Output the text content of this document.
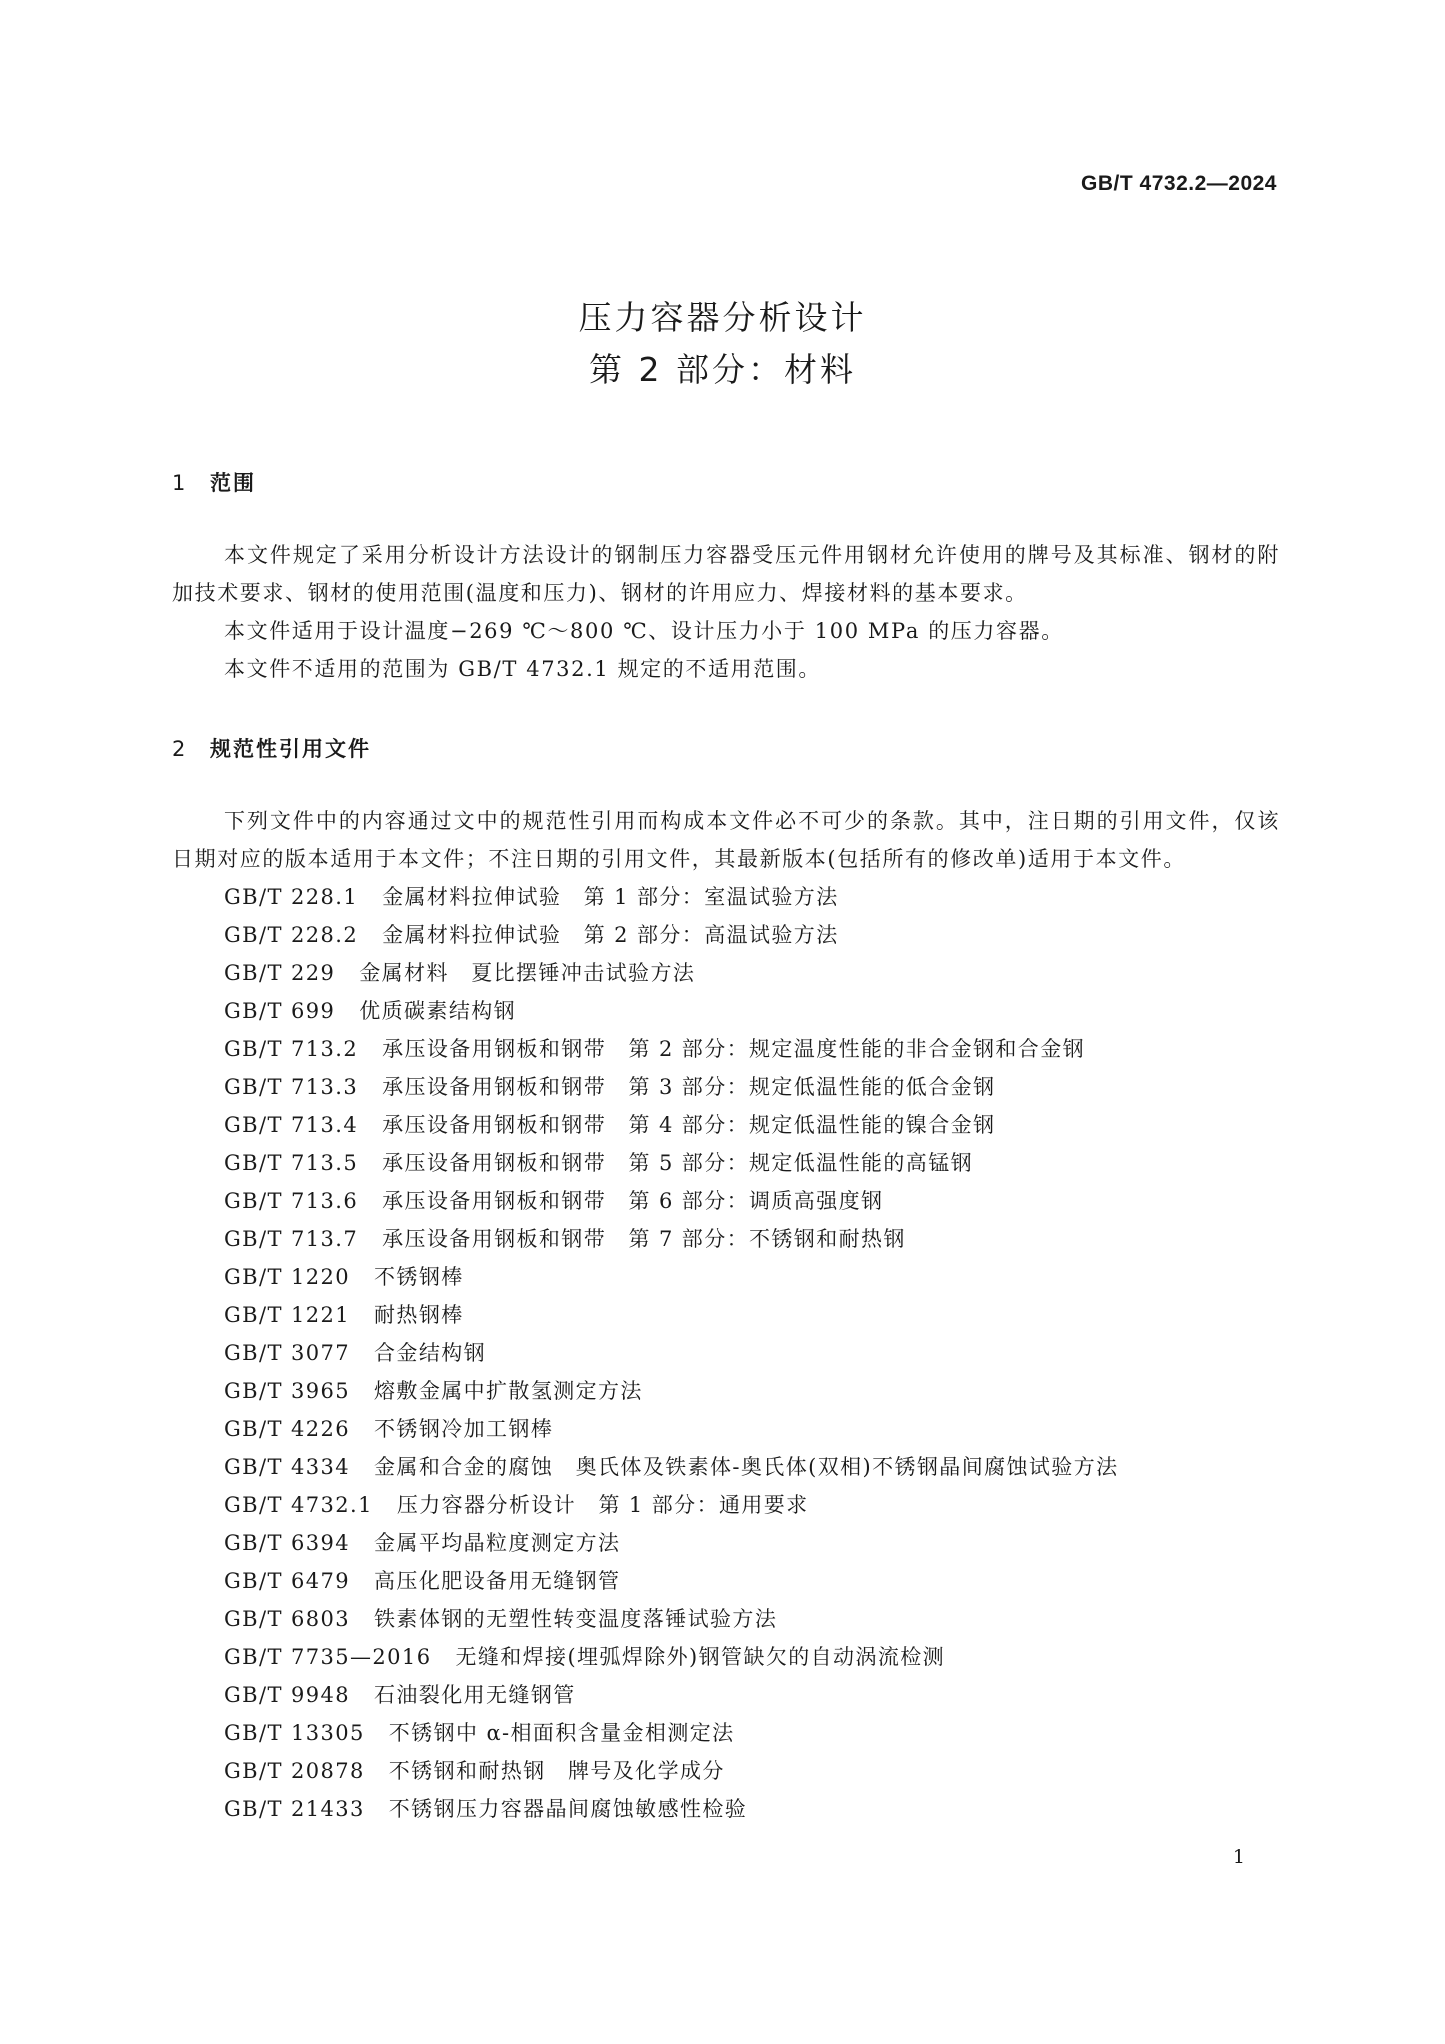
GB/T 4732.2—2024

压力容器分析设计

第 2 部分：材料

1 范围

本文件规定了采用分析设计方法设计的钢制压力容器受压元件用钢材允许使用的牌号及其标准、钢材的附加技术要求、钢材的使用范围(温度和压力)、钢材的许用应力、焊接材料的基本要求。

本文件适用于设计温度−269 ℃～800 ℃、设计压力小于 100 MPa 的压力容器。

本文件不适用的范围为 GB/T 4732.1 规定的不适用范围。

2 规范性引用文件

下列文件中的内容通过文中的规范性引用而构成本文件必不可少的条款。其中，注日期的引用文件，仅该日期对应的版本适用于本文件；不注日期的引用文件，其最新版本(包括所有的修改单)适用于本文件。

GB/T 228.1 金属材料拉伸试验　第 1 部分：室温试验方法
GB/T 228.2 金属材料拉伸试验　第 2 部分：高温试验方法
GB/T 229 金属材料　夏比摆锤冲击试验方法
GB/T 699 优质碳素结构钢
GB/T 713.2 承压设备用钢板和钢带　第 2 部分：规定温度性能的非合金钢和合金钢
GB/T 713.3 承压设备用钢板和钢带　第 3 部分：规定低温性能的低合金钢
GB/T 713.4 承压设备用钢板和钢带　第 4 部分：规定低温性能的镍合金钢
GB/T 713.5 承压设备用钢板和钢带　第 5 部分：规定低温性能的高锰钢
GB/T 713.6 承压设备用钢板和钢带　第 6 部分：调质高强度钢
GB/T 713.7 承压设备用钢板和钢带　第 7 部分：不锈钢和耐热钢
GB/T 1220 不锈钢棒
GB/T 1221 耐热钢棒
GB/T 3077 合金结构钢
GB/T 3965 熔敷金属中扩散氢测定方法
GB/T 4226 不锈钢冷加工钢棒
GB/T 4334 金属和合金的腐蚀　奥氏体及铁素体-奥氏体(双相)不锈钢晶间腐蚀试验方法
GB/T 4732.1 压力容器分析设计　第 1 部分：通用要求
GB/T 6394 金属平均晶粒度测定方法
GB/T 6479 高压化肥设备用无缝钢管
GB/T 6803 铁素体钢的无塑性转变温度落锤试验方法
GB/T 7735—2016 无缝和焊接(埋弧焊除外)钢管缺欠的自动涡流检测
GB/T 9948 石油裂化用无缝钢管
GB/T 13305 不锈钢中 α-相面积含量金相测定法
GB/T 20878 不锈钢和耐热钢　牌号及化学成分
GB/T 21433 不锈钢压力容器晶间腐蚀敏感性检验
1
